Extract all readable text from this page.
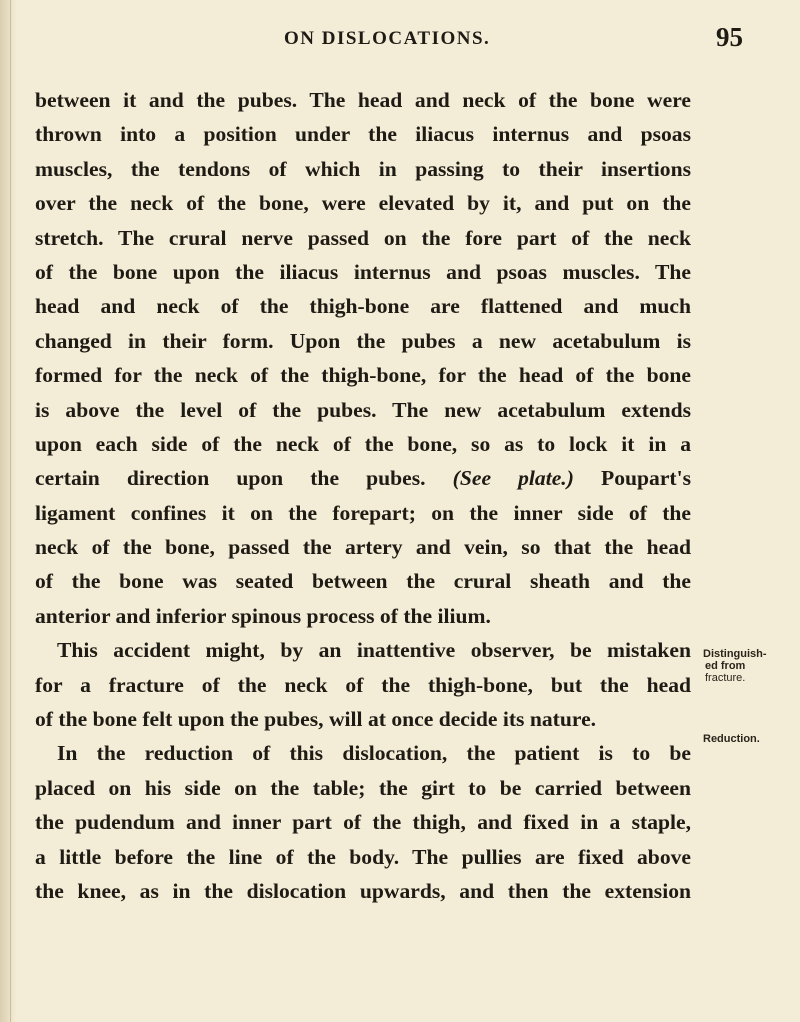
ON DISLOCATIONS.	95
between it and the pubes. The head and neck of the bone were
thrown into a position under the iliacus internus and psoas
muscles, the tendons of which in passing to their insertions
over the neck of the bone, were elevated by it, and put on the
stretch. The crural nerve passed on the fore part of the neck
of the bone upon the iliacus internus and psoas muscles. The
head and neck of the thigh-bone are flattened and much
changed in their form. Upon the pubes a new acetabulum is
formed for the neck of the thigh-bone, for the head of the bone
is above the level of the pubes. The new acetabulum extends
upon each side of the neck of the bone, so as to lock it in a
certain direction upon the pubes. (See plate.) Poupart's
ligament confines it on the forepart; on the inner side of the
neck of the bone, passed the artery and vein, so that the head
of the bone was seated between the crural sheath and the
anterior and inferior spinous process of the ilium.
This accident might, by an inattentive observer, be mistaken
for a fracture of the neck of the thigh-bone, but the head
of the bone felt upon the pubes, will at once decide its nature.
In the reduction of this dislocation, the patient is to be
placed on his side on the table; the girt to be carried between
the pudendum and inner part of the thigh, and fixed in a staple,
a little before the line of the body. The pullies are fixed above
the knee, as in the dislocation upwards, and then the extension
Distinguish-
ed from
fracture.
Reduction.
